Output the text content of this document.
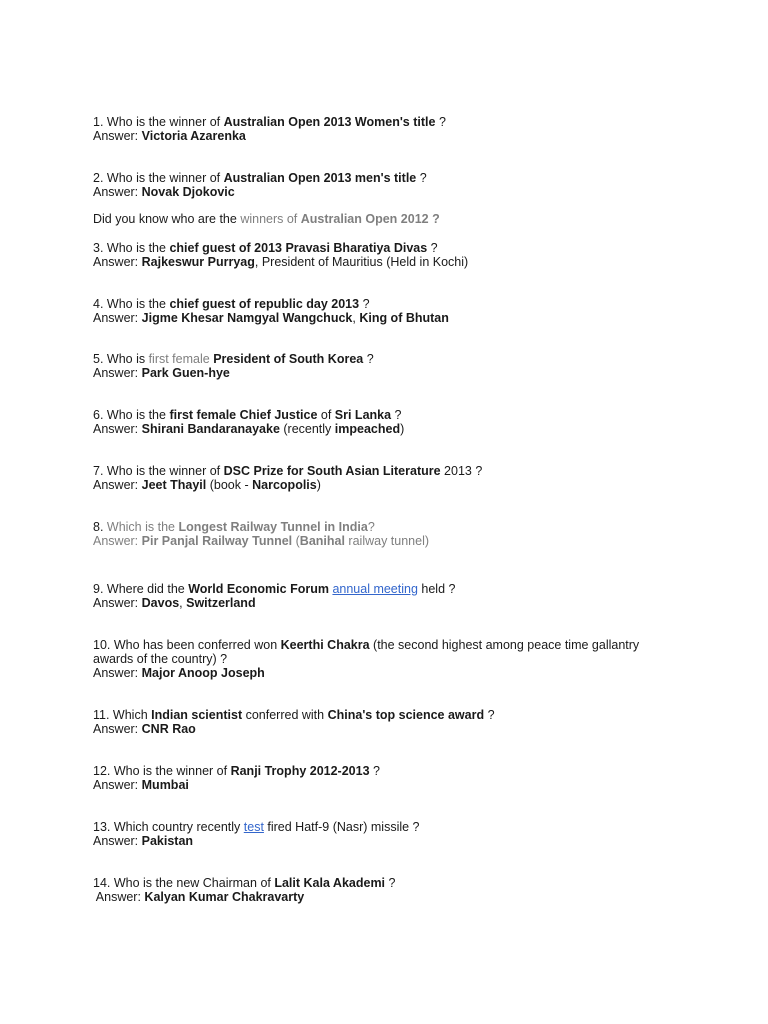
1. Who is the winner of Australian Open 2013 Women's title ?
Answer: Victoria Azarenka
2. Who is the winner of Australian Open 2013 men's title ?
Answer: Novak Djokovic
Did you know who are the winners of Australian Open 2012 ?
3. Who is the chief guest of 2013 Pravasi Bharatiya Divas ?
Answer: Rajkeswur Purryag, President of Mauritius (Held in Kochi)
4. Who is the chief guest of republic day 2013 ?
Answer: Jigme Khesar Namgyal Wangchuck, King of Bhutan
5. Who is first female President of South Korea ?
Answer: Park Guen-hye
6. Who is the first female Chief Justice of Sri Lanka ?
Answer: Shirani Bandaranayake (recently impeached)
7. Who is the winner of DSC Prize for South Asian Literature 2013 ?
Answer: Jeet Thayil (book - Narcopolis)
8. Which is the Longest Railway Tunnel in India?
Answer: Pir Panjal Railway Tunnel (Banihal railway tunnel)
9. Where did the World Economic Forum annual meeting held ?
Answer: Davos, Switzerland
10. Who has been conferred won Keerthi Chakra (the second highest among peace time gallantry awards of the country) ?
Answer: Major Anoop Joseph
11. Which Indian scientist conferred with China's top science award ?
Answer: CNR Rao
12. Who is the winner of Ranji Trophy 2012-2013 ?
Answer: Mumbai
13. Which country recently test fired Hatf-9 (Nasr) missile ?
Answer: Pakistan
14. Who is the new Chairman of Lalit Kala Akademi ?
Answer: Kalyan Kumar Chakravarty
